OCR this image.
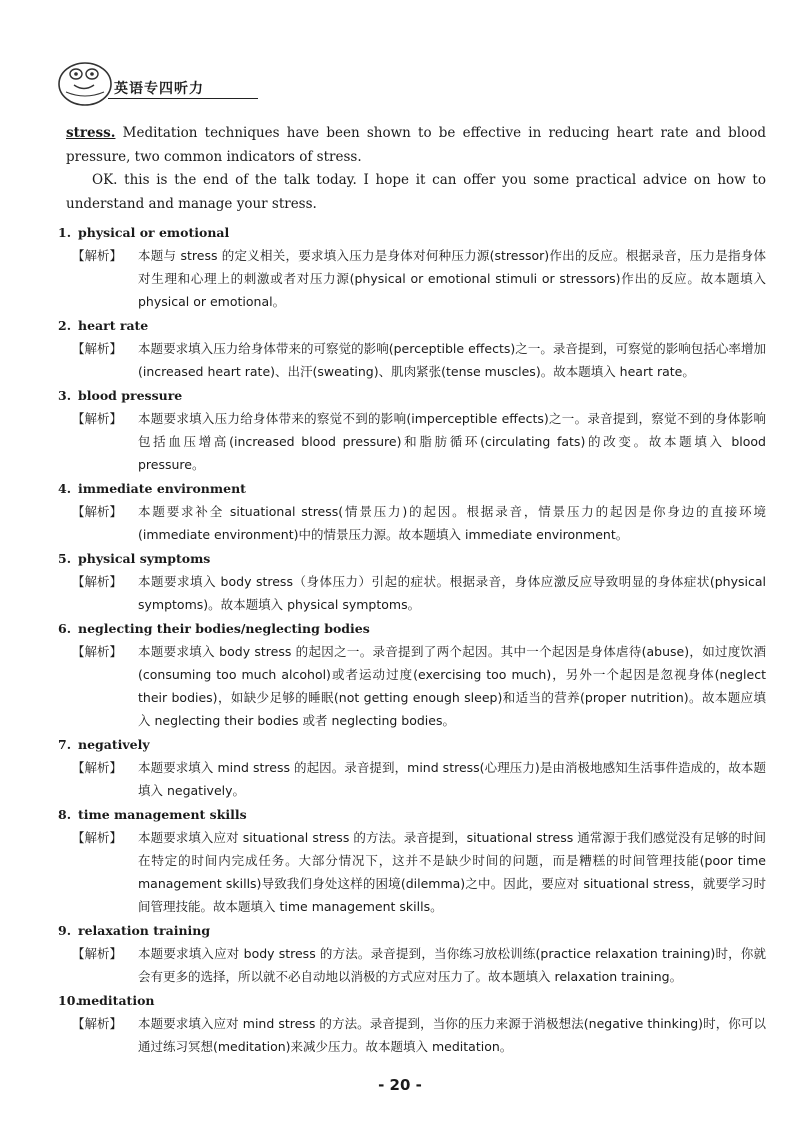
英语专四听力

stress. Meditation techniques have been shown to be effective in reducing heart rate and blood pressure, two common indicators of stress.

OK. this is the end of the talk today. I hope it can offer you some practical advice on how to understand and manage your stress.

1. physical or emotional
【解析】	本题与 stress 的定义相关，要求填入压力是身体对何种压力源(stressor)作出的反应。根据录音，压力是指身体对生理和心理上的刺激或者对压力源(physical or emotional stimuli or stressors)作出的反应。故本题填入 physical or emotional。
2. heart rate
【解析】	本题要求填入压力给身体带来的可察觉的影响(perceptible effects)之一。录音提到，可察觉的影响包括心率增加(increased heart rate)、出汗(sweating)、肌肉紧张(tense muscles)。故本题填入 heart rate。
3. blood pressure
【解析】	本题要求填入压力给身体带来的察觉不到的影响(imperceptible effects)之一。录音提到，察觉不到的身体影响包括血压增高(increased blood pressure)和脂肪循环(circulating fats)的改变。故本题填入 blood pressure。
4. immediate environment
【解析】	本题要求补全 situational stress(情景压力)的起因。根据录音，情景压力的起因是你身边的直接环境(immediate environment)中的情景压力源。故本题填入 immediate environment。
5. physical symptoms
【解析】	本题要求填入 body stress（身体压力）引起的症状。根据录音，身体应激反应导致明显的身体症状(physical symptoms)。故本题填入 physical symptoms。
6. neglecting their bodies/neglecting bodies
【解析】	本题要求填入 body stress 的起因之一。录音提到了两个起因。其中一个起因是身体虐待(abuse)，如过度饮酒(consuming too much alcohol)或者运动过度(exercising too much)，另外一个起因是忽视身体(neglect their bodies)，如缺少足够的睡眠(not getting enough sleep)和适当的营养(proper nutrition)。故本题应填入 neglecting their bodies 或者 neglecting bodies。
7. negatively
【解析】	本题要求填入 mind stress 的起因。录音提到，mind stress(心理压力)是由消极地感知生活事件造成的，故本题填入 negatively。
8. time management skills
【解析】	本题要求填入应对 situational stress 的方法。录音提到，situational stress 通常源于我们感觉没有足够的时间在特定的时间内完成任务。大部分情况下，这并不是缺少时间的问题，而是糟糕的时间管理技能(poor time management skills)导致我们身处这样的困境(dilemma)之中。因此，要应对 situational stress，就要学习时间管理技能。故本题填入 time management skills。
9. relaxation training
【解析】	本题要求填入应对 body stress 的方法。录音提到，当你练习放松训练(practice relaxation training)时，你就会有更多的选择，所以就不必自动地以消极的方式应对压力了。故本题填入 relaxation training。
10.meditation
【解析】	本题要求填入应对 mind stress 的方法。录音提到，当你的压力来源于消极想法(negative thinking)时，你可以通过练习冥想(meditation)来减少压力。故本题填入 meditation。
- 20 -
